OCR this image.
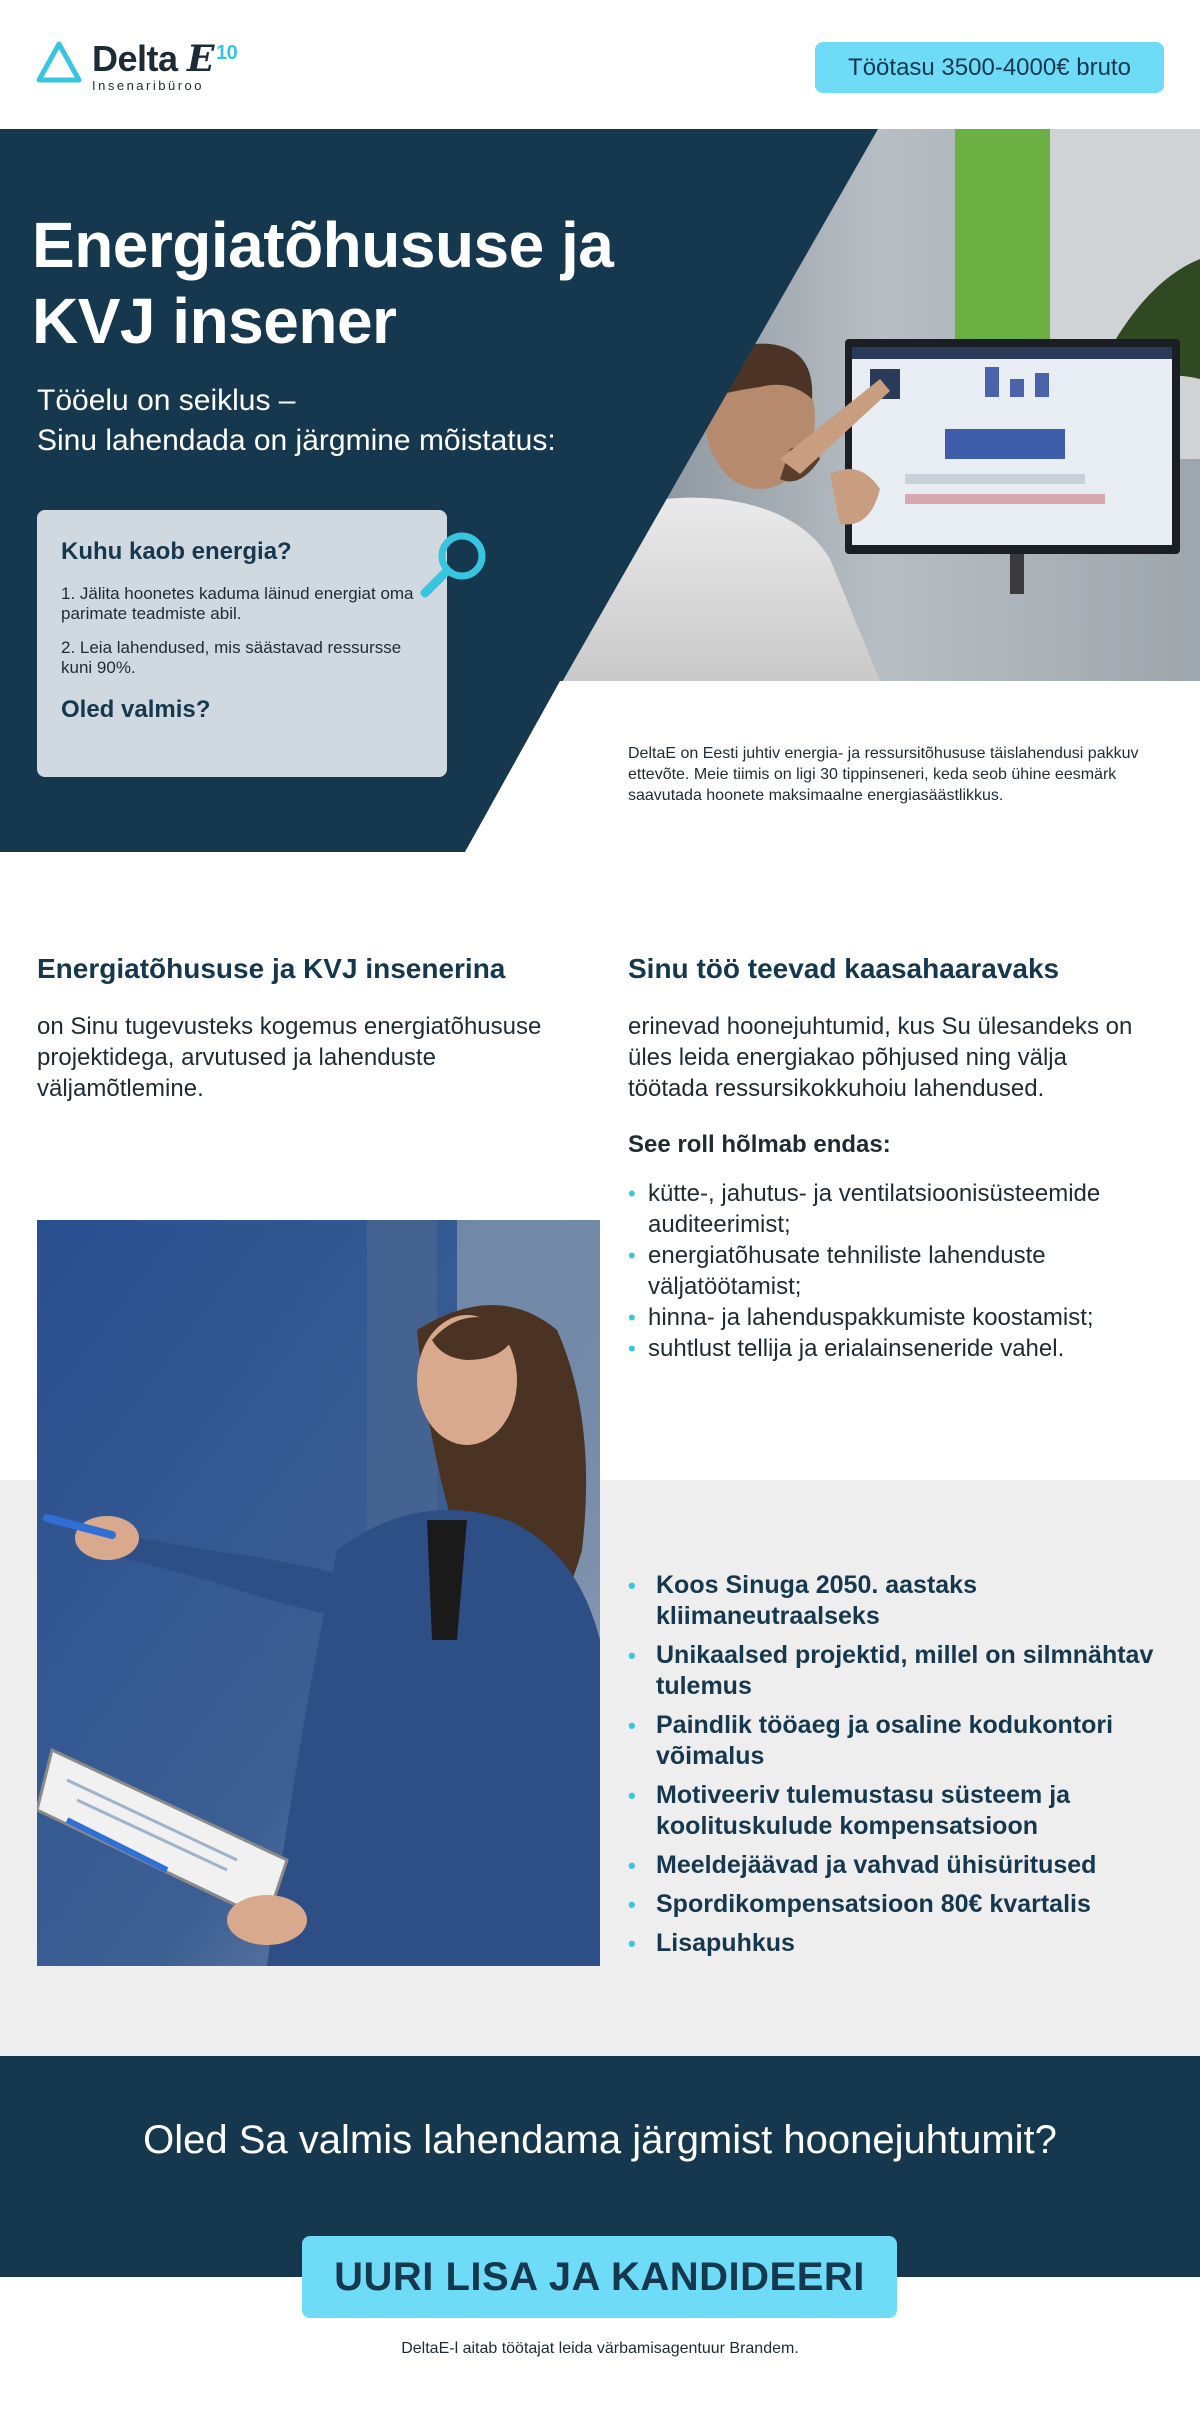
Delta E $^{10}$
Insenaribüroo
Töötasu 3500-4000€ bruto
Energiatõhususe ja KVJ insener
Tööelu on seiklus –
Sinu lahendada on järgmine mõistatus:
Kuhu kaob energia?
1. Jälita hoonetes kaduma läinud energiat oma parimate teadmiste abil.
2. Leia lahendused, mis säästavad ressursse kuni 90%.
Oled valmis?
DeltaE on Eesti juhtiv energia- ja ressursitõhususe täislahendusi pakkuv ettevõte. Meie tiimis on ligi 30 tippinseneri, keda seob ühine eesmärk saavutada hoonete maksimaalne energiasäästlikkus.
Energiatõhususe ja KVJ insenerina
on Sinu tugevusteks kogemus energiatõhususe projektidega, arvutused ja lahenduste väljamõtlemine.
Sinu töö teevad kaasahaaravaks
erinevad hoonejuhtumid, kus Su ülesandeks on üles leida energiakao põhjused ning välja töötada ressursikokkuhoiu lahendused.
See roll hõlmab endas:
• kütte-, jahutus- ja ventilatsioonisüsteemide auditeerimist;
• energiatõhusate tehniliste lahenduste väljatöötamist;
• hinna- ja lahenduspakkumiste koostamist;
• suhtlust tellija ja erialainseneride vahel.
• Koos Sinuga 2050. aastaks kliimaneutraalseks
• Unikaalsed projektid, millel on silmnähtav tulemus
• Paindlik tööaeg ja osaline kodukontori võimalus
• Motiveeriv tulemustasu süsteem ja koolituskulude kompensatsioon
• Meeldejäävad ja vahvad ühisüritused
• Spordikompensatsioon 80€ kvartalis
• Lisapuhkus
Oled Sa valmis lahendama järgmist hoonejuhtumit?
UURI LISA JA KANDIDEERI
DeltaE-l aitab töötajat leida värbamisagentuur Brandem.
